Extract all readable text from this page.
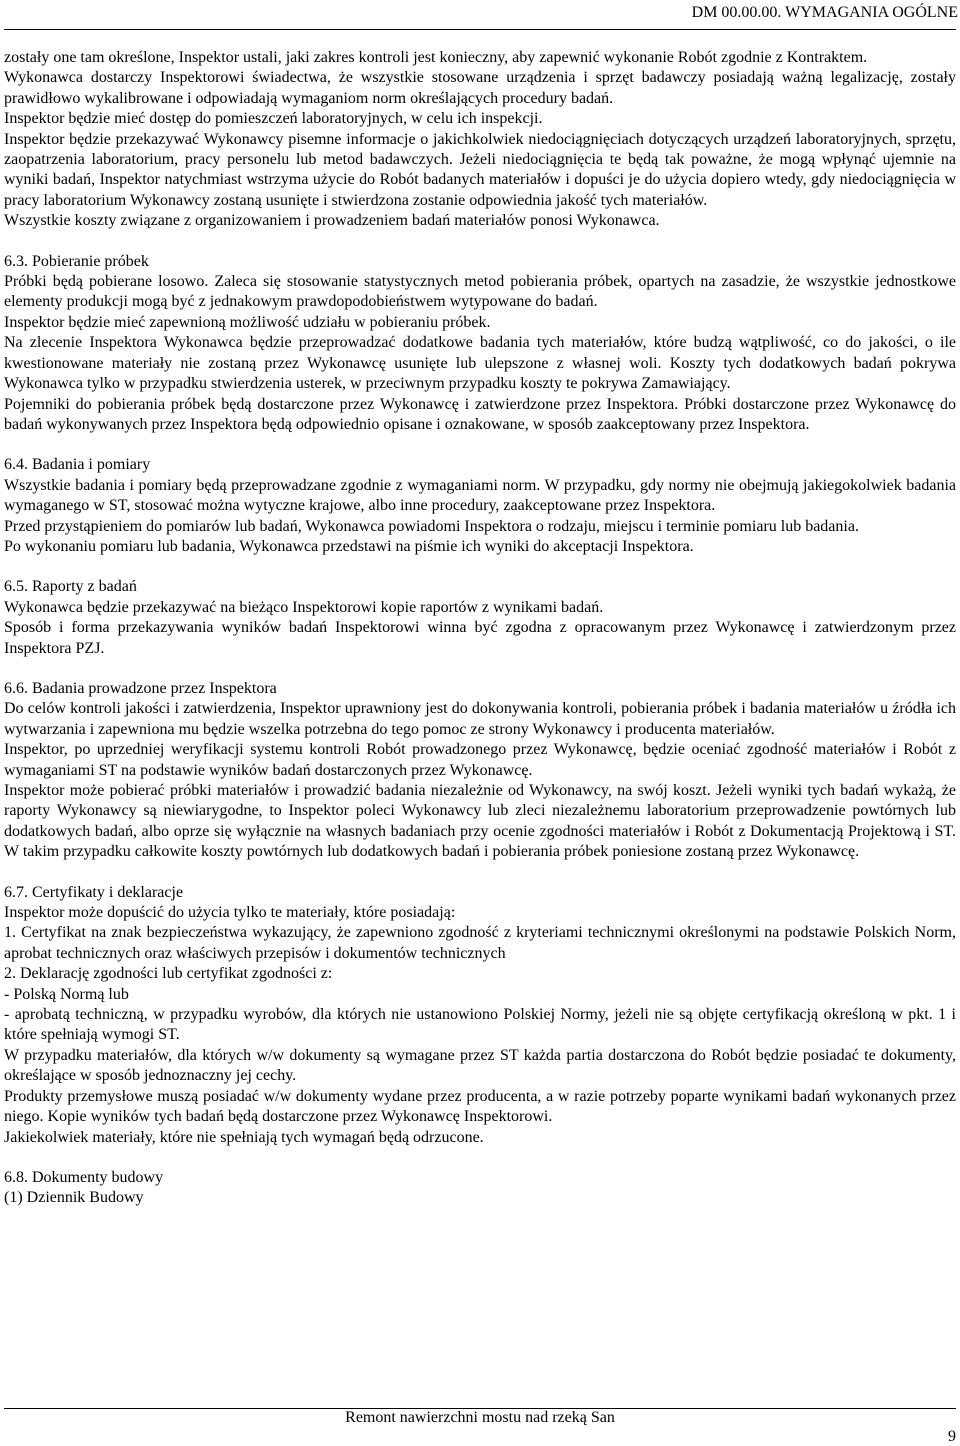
DM 00.00.00. WYMAGANIA OGÓLNE

zostały one tam określone, Inspektor ustali, jaki zakres kontroli jest konieczny, aby zapewnić wykonanie Robót zgodnie z Kontraktem.

Wykonawca dostarczy Inspektorowi świadectwa, że wszystkie stosowane urządzenia i sprzęt badawczy posiadają ważną legalizację, zostały prawidłowo wykalibrowane i odpowiadają wymaganiom norm określających procedury badań.

Inspektor będzie mieć dostęp do pomieszczeń laboratoryjnych, w celu ich inspekcji.

Inspektor będzie przekazywać Wykonawcy pisemne informacje o jakichkolwiek niedociągnięciach dotyczących urządzeń laboratoryjnych, sprzętu, zaopatrzenia laboratorium, pracy personelu lub metod badawczych. Jeżeli niedociągnięcia te będą tak poważne, że mogą wpłynąć ujemnie na wyniki badań, Inspektor natychmiast wstrzyma użycie do Robót badanych materiałów i dopuści je do użycia dopiero wtedy, gdy niedociągnięcia w pracy laboratorium Wykonawcy zostaną usunięte i stwierdzona zostanie odpowiednia jakość tych materiałów.

Wszystkie koszty związane z organizowaniem i prowadzeniem badań materiałów ponosi Wykonawca.

6.3. Pobieranie próbek

Próbki będą pobierane losowo. Zaleca się stosowanie statystycznych metod pobierania próbek, opartych na zasadzie, że wszystkie jednostkowe elementy produkcji mogą być z jednakowym prawdopodobieństwem wytypowane do badań.

Inspektor będzie mieć zapewnioną możliwość udziału w pobieraniu próbek.

Na zlecenie Inspektora Wykonawca będzie przeprowadzać dodatkowe badania tych materiałów, które budzą wątpliwość, co do jakości, o ile kwestionowane materiały nie zostaną przez Wykonawcę usunięte lub ulepszone z własnej woli. Koszty tych dodatkowych badań pokrywa Wykonawca tylko w przypadku stwierdzenia usterek, w przeciwnym przypadku koszty te pokrywa Zamawiający.

Pojemniki do pobierania próbek będą dostarczone przez Wykonawcę i zatwierdzone przez Inspektora. Próbki dostarczone przez Wykonawcę do badań wykonywanych przez Inspektora będą odpowiednio opisane i oznakowane, w sposób zaakceptowany przez Inspektora.

6.4. Badania i pomiary

Wszystkie badania i pomiary będą przeprowadzane zgodnie z wymaganiami norm. W przypadku, gdy normy nie obejmują jakiegokolwiek badania wymaganego w ST, stosować można wytyczne krajowe, albo inne procedury, zaakceptowane przez Inspektora.

Przed przystąpieniem do pomiarów lub badań, Wykonawca powiadomi Inspektora o rodzaju, miejscu i terminie pomiaru lub badania.

Po wykonaniu pomiaru lub badania, Wykonawca przedstawi na piśmie ich wyniki do akceptacji Inspektora.

6.5. Raporty z badań

Wykonawca będzie przekazywać na bieżąco Inspektorowi kopie raportów z wynikami badań.

Sposób i forma przekazywania wyników badań Inspektorowi winna być zgodna z opracowanym przez Wykonawcę i zatwierdzonym przez Inspektora PZJ.

6.6. Badania prowadzone przez Inspektora

Do celów kontroli jakości i zatwierdzenia, Inspektor uprawniony jest do dokonywania kontroli, pobierania próbek i badania materiałów u źródła ich wytwarzania i zapewniona mu będzie wszelka potrzebna do tego pomoc ze strony Wykonawcy i producenta materiałów.

Inspektor, po uprzedniej weryfikacji systemu kontroli Robót prowadzonego przez Wykonawcę, będzie oceniać zgodność materiałów i Robót z wymaganiami ST na podstawie wyników badań dostarczonych przez Wykonawcę.

Inspektor może pobierać próbki materiałów i prowadzić badania niezależnie od Wykonawcy, na swój koszt. Jeżeli wyniki tych badań wykażą, że raporty Wykonawcy są niewiarygodne, to Inspektor poleci Wykonawcy lub zleci niezależnemu laboratorium przeprowadzenie powtórnych lub dodatkowych badań, albo oprze się wyłącznie na własnych badaniach przy ocenie zgodności materiałów i Robót z Dokumentacją Projektową i ST. W takim przypadku całkowite koszty powtórnych lub dodatkowych badań i pobierania próbek poniesione zostaną przez Wykonawcę.

6.7. Certyfikaty i deklaracje

Inspektor może dopuścić do użycia tylko te materiały, które posiadają:

1. Certyfikat na znak bezpieczeństwa wykazujący, że zapewniono zgodność z kryteriami technicznymi określonymi na podstawie Polskich Norm, aprobat technicznych oraz właściwych przepisów i dokumentów technicznych

2. Deklarację zgodności lub certyfikat zgodności z:

- Polską Normą lub

- aprobatą techniczną, w przypadku wyrobów, dla których nie ustanowiono Polskiej Normy, jeżeli nie są objęte certyfikacją określoną w pkt. 1 i które spełniają wymogi ST.

W przypadku materiałów, dla których w/w dokumenty są wymagane przez ST każda partia dostarczona do Robót będzie posiadać te dokumenty, określające w sposób jednoznaczny jej cechy.

Produkty przemysłowe muszą posiadać w/w dokumenty wydane przez producenta, a w razie potrzeby poparte wynikami badań wykonanych przez niego. Kopie wyników tych badań będą dostarczone przez Wykonawcę Inspektorowi.

Jakiekolwiek materiały, które nie spełniają tych wymagań będą odrzucone.

6.8. Dokumenty budowy

(1) Dziennik Budowy

Remont nawierzchni mostu nad rzeką San
9
